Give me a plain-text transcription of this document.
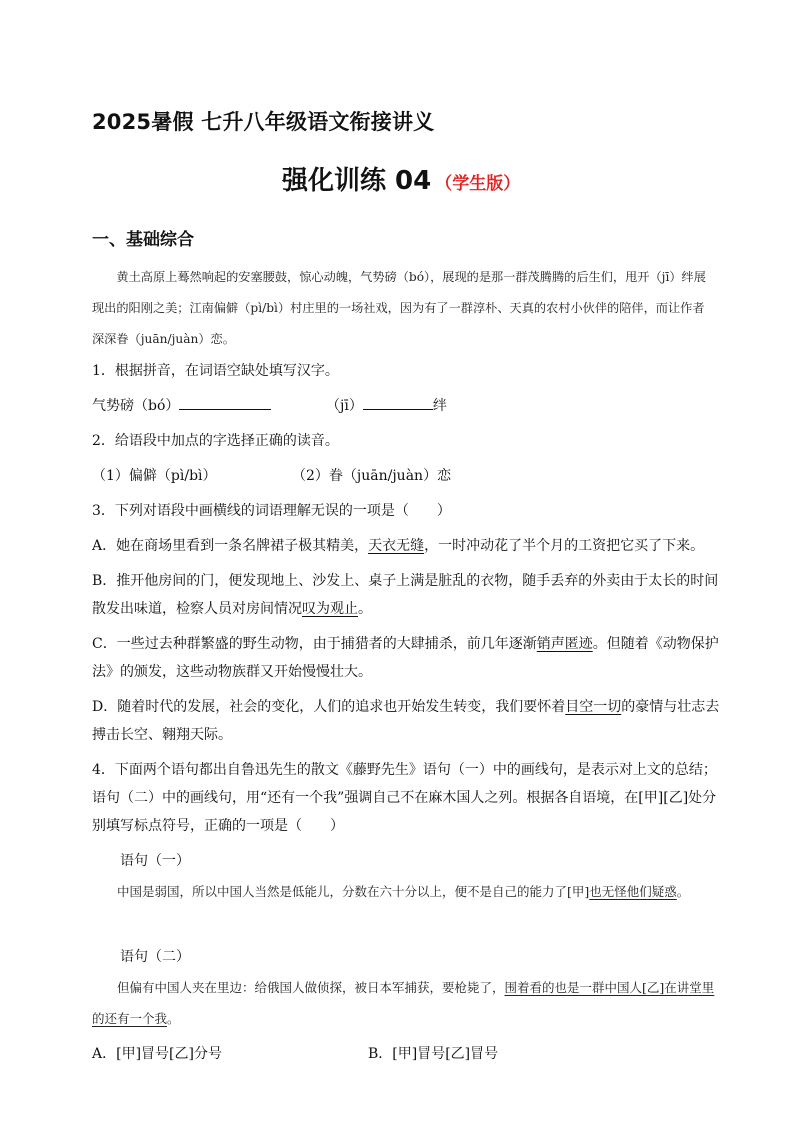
2025暑假 七升八年级语文衔接讲义
强化训练 04 （学生版）
一、基础综合
黄土高原上蓦然响起的安塞腰鼓，惊心动魄，气势磅（bó），展现的是那一群茂腾腾的后生们，甩开（jī）绊展现出的阳刚之美；江南偏僻（pì/bì）村庄里的一场社戏，因为有了一群淳朴、天真的农村小伙伴的陪伴，而让作者深深眷（juān/juàn）恋。
1．根据拼音，在词语空缺处填写汉字。
气势磅（bó）	（jī）	绊
2．给语段中加点的字选择正确的读音。
（1）偏僻（pì/bì）	（2）眷（juān/juàn）恋
3．下列对语段中画横线的词语理解无误的一项是（　　）
A．她在商场里看到一条名牌裙子极其精美，天衣无缝，一时冲动花了半个月的工资把它买了下来。
B．推开他房间的门，便发现地上、沙发上、桌子上满是脏乱的衣物，随手丢弃的外卖由于太长的时间
散发出味道，检察人员对房间情况叹为观止。
C．一些过去种群繁盛的野生动物，由于捕猎者的大肆捕杀，前几年逐渐销声匿迹。但随着《动物保护
法》的颁发，这些动物族群又开始慢慢壮大。
D．随着时代的发展，社会的变化，人们的追求也开始发生转变，我们要怀着目空一切的豪情与壮志去
搏击长空、翱翔天际。
4．下面两个语句都出自鲁迅先生的散文《藤野先生》语句（一）中的画线句，是表示对上文的总结；
语句（二）中的画线句，用“还有一个我”强调自己不在麻木国人之列。根据各自语境，在[甲][乙]处分
别填写标点符号，正确的一项是（　　）
语句（一）
中国是弱国，所以中国人当然是低能儿，分数在六十分以上，便不是自己的能力了[甲]也无怪他们疑惑。
语句（二）
但偏有中国人夹在里边：给俄国人做侦探，被日本军捕获，要枪毙了，围着看的也是一群中国人[乙]在讲堂里的还有一个我。
A．[甲]冒号[乙]分号	B．[甲]冒号[乙]冒号
